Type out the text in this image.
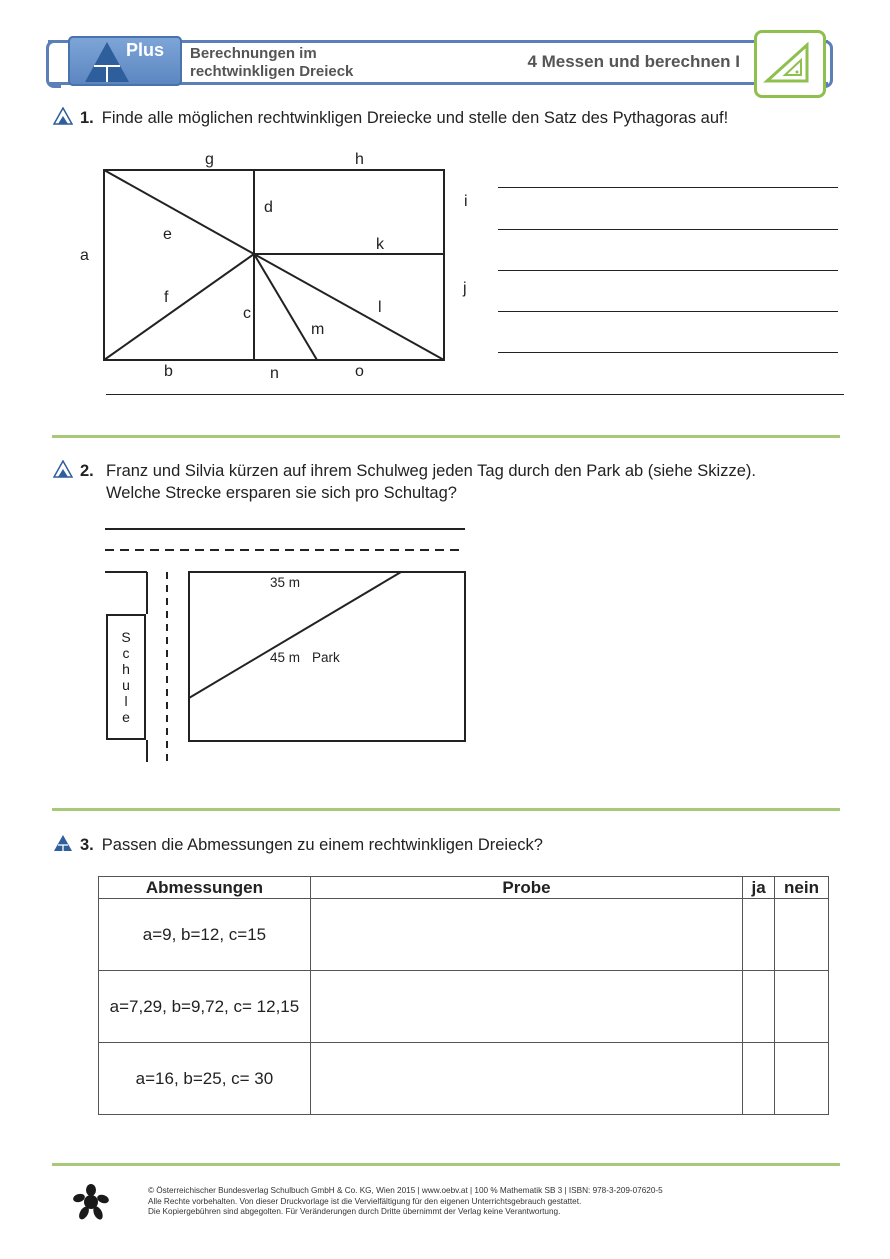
Plus Berechnungen im
rechtwinkligen Dreieck
4 Messen und berechnen I
1. Finde alle möglichen rechtwinkligen Dreiecke und stelle den Satz des Pythagoras auf!
g	h
a
d
e
k
f
c	l
m
b	n	o
i
j
2. Franz und Silvia kürzen auf ihrem Schulweg jeden Tag durch den Park ab (siehe Skizze).
Welche Strecke ersparen sie sich pro Schultag?
35 m
45 m Park
S
c
h
u
l
e
3. Passen die Abmessungen zu einem rechtwinkligen Dreieck?
Abmessungen	Probe	ja	nein
a=9, b=12, c=15			
a=7,29, b=9,72, c= 12,15			
a=16, b=25, c= 30			
© Österreichischer Bundesverlag Schulbuch GmbH & Co. KG, Wien 2015 | www.oebv.at | 100 % Mathematik SB 3 | ISBN: 978-3-209-07620-5
Alle Rechte vorbehalten. Von dieser Druckvorlage ist die Vervielfältigung für den eigenen Unterrichtsgebrauch gestattet.
Die Kopiergebühren sind abgegolten. Für Veränderungen durch Dritte übernimmt der Verlag keine Verantwortung.
